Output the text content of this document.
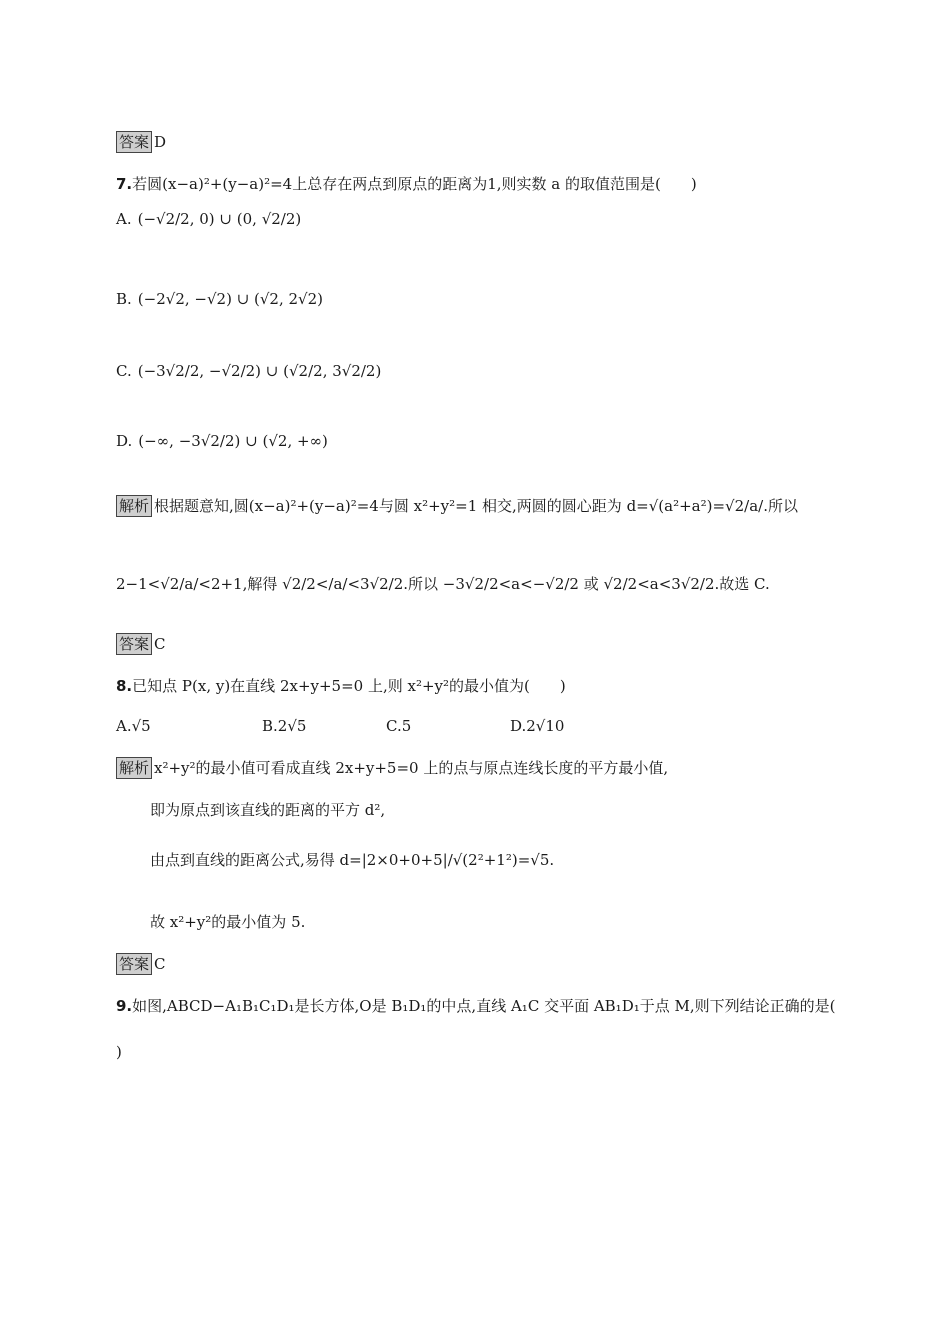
答案 D
7.若圆(x−a)²+(y−a)²=4上总存在两点到原点的距离为1,则实数 a 的取值范围是(　　)
A. (−√2/2, 0) ∪ (0, √2/2)
B. (−2√2, −√2) ∪ (√2, 2√2)
C. (−3√2/2, −√2/2) ∪ (√2/2, 3√2/2)
D. (−∞, −3√2/2) ∪ (√2, +∞)
解析 根据题意知,圆(x−a)²+(y−a)²=4与圆 x²+y²=1 相交,两圆的圆心距为 d=√(a²+a²)=√2/a/.所以
2−1<√2/a/<2+1,解得 √2/2</a/<3√2/2.所以 −3√2/2<a<−√2/2 或 √2/2<a<3√2/2.故选 C.
答案 C
8.已知点 P(x, y)在直线 2x+y+5=0 上,则 x²+y²的最小值为(　　)
A.√5	B.2√5	C.5	D.2√10
解析 x²+y²的最小值可看成直线 2x+y+5=0 上的点与原点连线长度的平方最小值,
即为原点到该直线的距离的平方 d²,
由点到直线的距离公式,易得 d=|2×0+0+5|/√(2²+1²)=√5.
故 x²+y²的最小值为 5.
答案 C
9.如图,ABCD−A₁B₁C₁D₁是长方体,O是 B₁D₁的中点,直线 A₁C 交平面 AB₁D₁于点 M,则下列结论正确的是(
)
